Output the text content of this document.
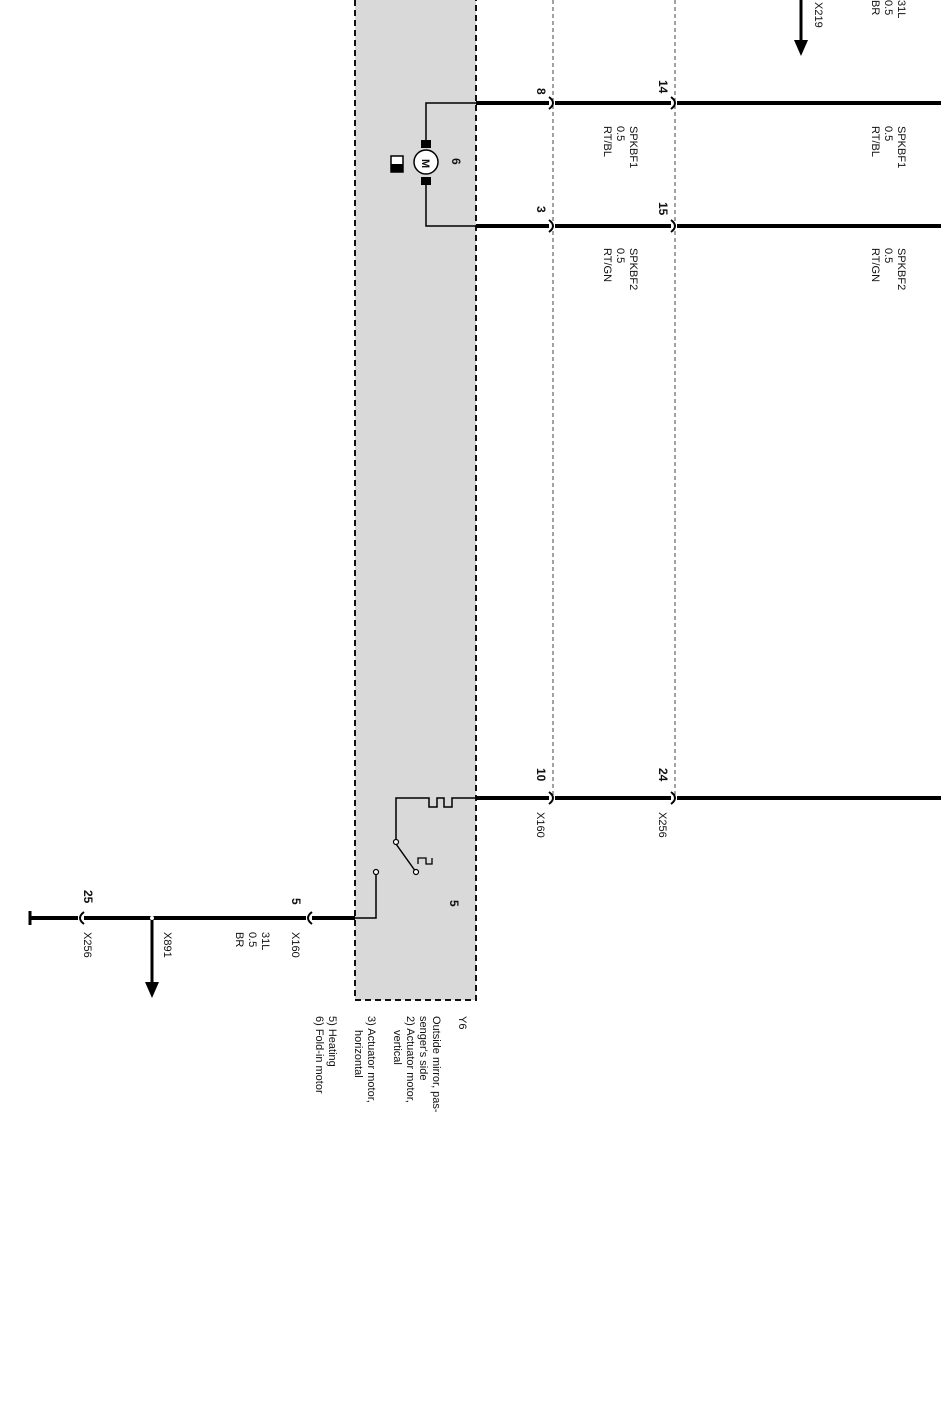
8	14
3	15
10	24
5
25
SPKBF1
0.5
RT/BL	SPKBF1
0.5
RT/BL
SPKBF2
0.5
RT/GN	SPKBF2
0.5
RT/GN
X160	X256
X160
X256	X891	31L
0.5
BR
31L
0.5
BR
X219
M 6
5
Y6
Outside mirror, pas-
senger's side
2) Actuator motor,
vertical
3) Actuator motor,
horizontal
5) Heating
6) Fold-in motor
